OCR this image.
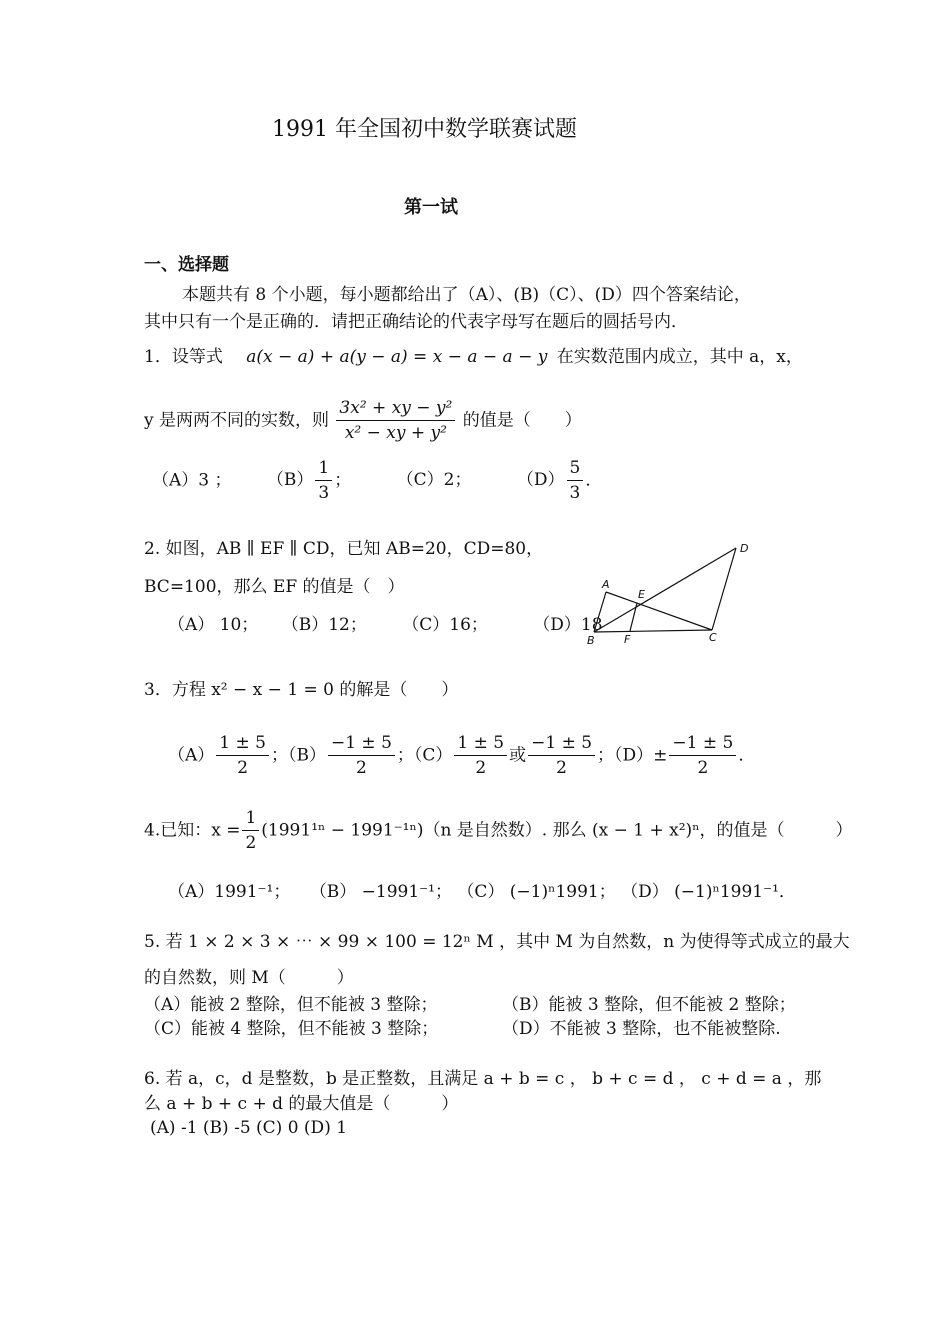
1991 年全国初中数学联赛试题
第一试
一、选择题
本题共有 8 个小题，每小题都给出了（A）、(B)（C）、(D）四个答案结论，
其中只有一个是正确的．请把正确结论的代表字母写在题后的圆括号内．
1．设等式 a(x − a) + a(y − a) = x − a − a − y 在实数范围内成立，其中 a，x，
y 是两两不同的实数，则 $\frac{\text{3x² + xy − y²}}{\text{x² − xy + y²}}$ 的值是（　　）
（A）3 ； $(B) \frac{1}{3}$ ；	（C）2；	$(D) \frac{5}{3}$ ．
2. 如图，AB ∥ EF ∥ CD，已知 AB=20，CD=80，
BC=100，那么 EF 的值是（　）
（A） 10； （B）12； （C）16；	（D）18
A
B	C
D
E
F
3．方程 x² − x − 1 = 0 的解是（　　）
$(A) \frac{1 \pm 5}{2}$ ；$(B) \frac{-1 \pm 5}{2}$ ；$(C) \frac{1 \pm 5}{2}$ 或 $\frac{-1 \pm 5}{2}$ ；$(D)\pm \frac{-1 \pm 5}{2}$ ．
4.已知：$x = \frac{1}{2} (1991^{1n} - 1991^{-1n})(n$ 是自然数）. 那么 (x − 1 + x²)ⁿ，的值是（　　　）
（A）1991⁻¹； （B） −1991⁻¹； （C） (−1)ⁿ1991； （D） (−1)ⁿ1991⁻¹．
5. 若 1 × 2 × 3 × ⋯ × 99 × 100 = 12ⁿ M ，其中 M 为自然数，n 为使得等式成立的最大
的自然数，则 M（　　　）
（A）能被 2 整除，但不能被 3 整除；	（B）能被 3 整除，但不能被 2 整除；
（C）能被 4 整除，但不能被 3 整除；	（D）不能被 3 整除，也不能被整除.
6. 若 a，c，d 是整数，b 是正整数，且满足 a + b = c ， b + c = d ， c + d = a ，那
么 a + b + c + d 的最大值是（　　　）
(A) -1 (B) -5 (C) 0 (D) 1
